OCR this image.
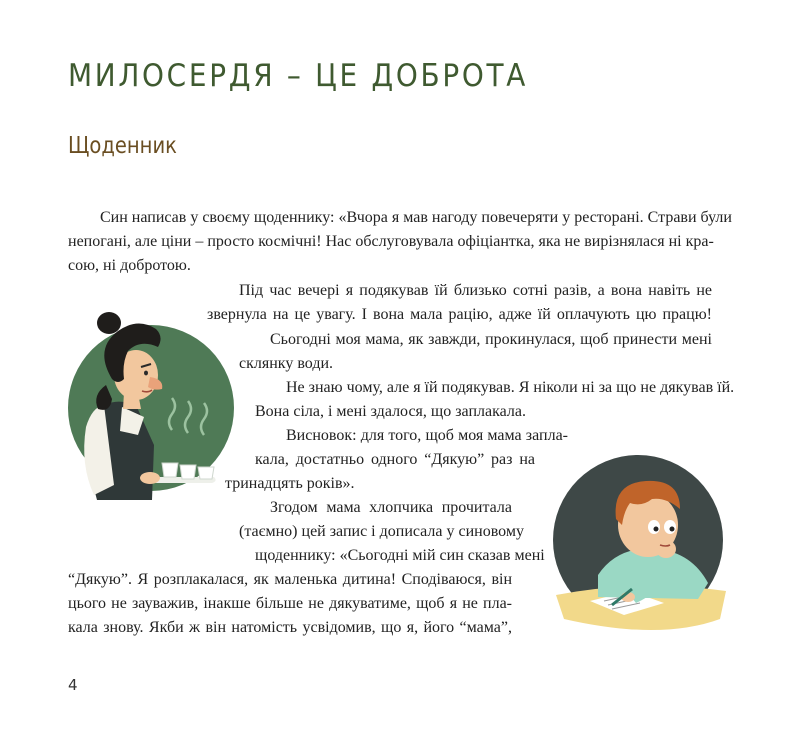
МИЛОСЕРДЯ – ЦЕ ДОБРОТА
Щоденник
Син написав у своєму щоденнику: «Вчора я мав нагоду повечеряти у ресторані. Страви були
непогані, але ціни – просто космічні! Нас обслуговувала офіціантка, яка не вирізнялася ні кра-
сою, ні добротою.
Під час вечері я подякував їй близько сотні разів, а вона навіть не
звернула на це увагу. І вона мала рацію, адже їй оплачують цю працю!
Сьогодні моя мама, як завжди, прокинулася, щоб принести мені
склянку води.
Не знаю чому, але я їй подякував. Я ніколи ні за що не дякував їй.
Вона сіла, і мені здалося, що заплакала.
Висновок: для того, щоб моя мама запла-
кала, достатньо одного “Дякую” раз на
тринадцять років».
Згодом мама хлопчика прочитала
(таємно) цей запис і дописала у синовому
щоденнику: «Сьогодні мій син сказав мені
“Дякую”. Я розплакалася, як маленька дитина! Сподіваюся, він
цього не зауважив, інакше більше не дякуватиме, щоб я не пла-
кала знову. Якби ж він натомість усвідомив, що я, його “мама”,
4
